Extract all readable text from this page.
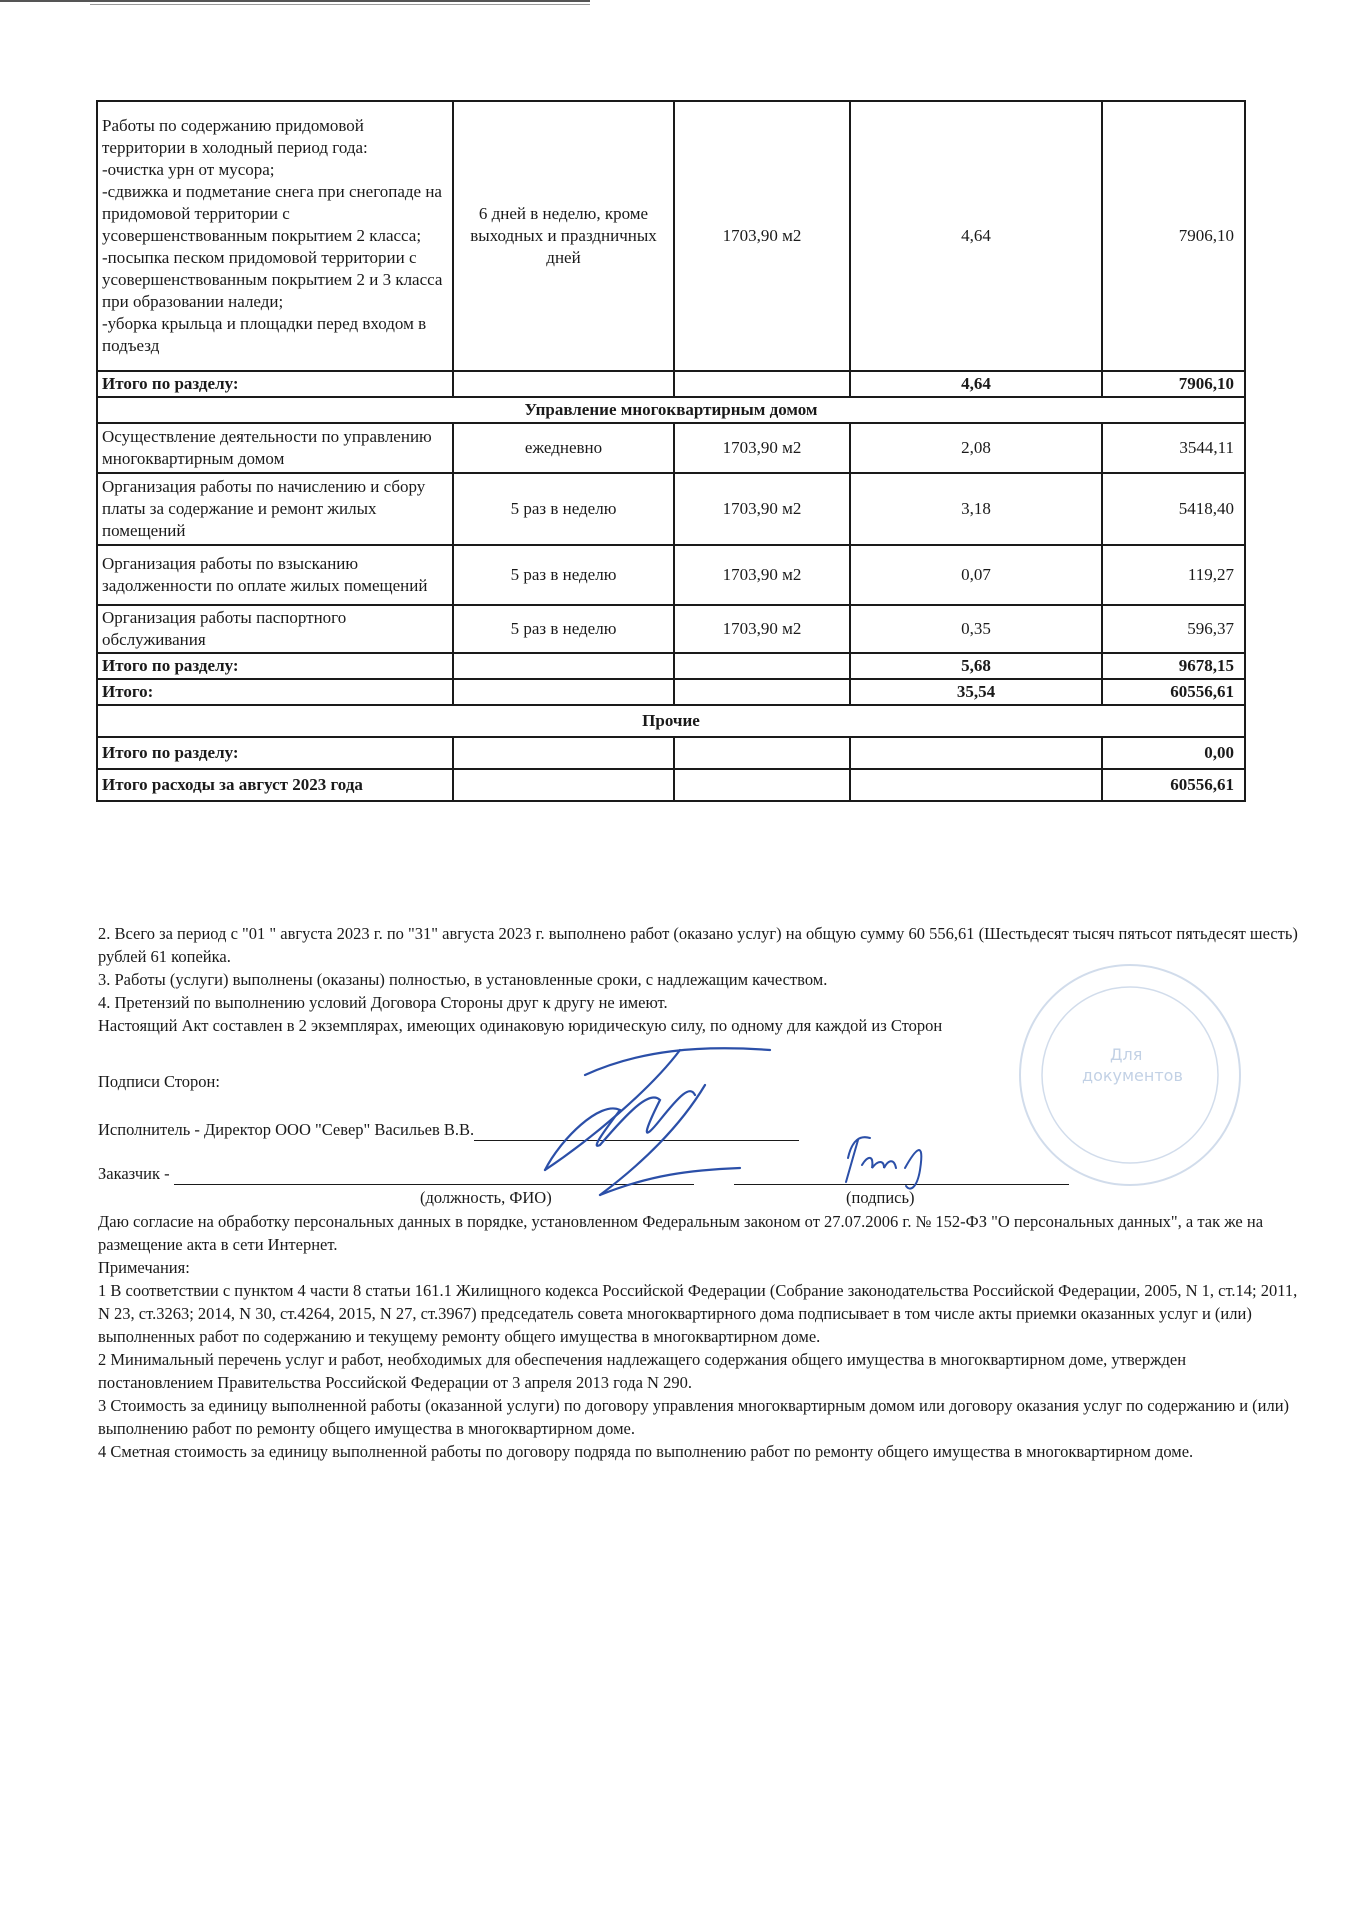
Работы по содержанию придомовой территории в холодный период года:
-очистка урн от мусора;
-сдвижка и подметание снега при снегопаде на придомовой территории с усовершенствованным покрытием 2 класса;
-посыпка песком придомовой территории с усовершенствованным покрытием 2 и 3 класса при образовании наледи;
-уборка крыльца и площадки перед входом в подъезд	6 дней в неделю, кроме выходных и праздничных дней	1703,90 м2	4,64	7906,10
Итого по разделу:			4,64	7906,10
Управление многоквартирным домом				
Осуществление деятельности по управлению многоквартирным домом	ежедневно	1703,90 м2	2,08	3544,11
Организация работы по начислению и сбору платы за содержание и ремонт жилых помещений	5 раз в неделю	1703,90 м2	3,18	5418,40
Организация работы по взысканию задолженности по оплате жилых помещений	5 раз в неделю	1703,90 м2	0,07	119,27
Организация работы паспортного обслуживания	5 раз в неделю	1703,90 м2	0,35	596,37
Итого по разделу:			5,68	9678,15
Итого:			35,54	60556,61
Прочие				
Итого по разделу:				0,00
Итого расходы за август 2023 года				60556,61

2. Всего за период с "01 " августа 2023 г. по "31" августа 2023 г. выполнено работ (оказано услуг) на общую сумму 60 556,61 (Шестьдесят тысяч пятьсот пятьдесят шесть) рублей 61 копейка.

3. Работы (услуги) выполнены (оказаны) полностью, в установленные сроки, с надлежащим качеством.

4. Претензий по выполнению условий Договора Стороны друг к другу не имеют.

Настоящий Акт составлен в 2 экземплярах, имеющих одинаковую юридическую силу, по одному для каждой из Сторон

Подписи Сторон:
Исполнитель - Директор ООО "Север" Васильев В.В.
Заказчик -
(должность, ФИО)	(подпись)

Даю согласие на обработку персональных данных в порядке, установленном Федеральным законом от 27.07.2006 г. № 152-ФЗ "О персональных данных", а так же на размещение акта в сети Интернет.

Примечания:

1 В соответствии с пунктом 4 части 8 статьи 161.1 Жилищного кодекса Российской Федерации (Собрание законодательства Российской Федерации, 2005, N 1, ст.14; 2011, N 23, ст.3263; 2014, N 30, ст.4264, 2015, N 27, ст.3967) председатель совета многоквартирного дома подписывает в том числе акты приемки оказанных услуг и (или) выполненных работ по содержанию и текущему ремонту общего имущества в многоквартирном доме.

2 Минимальный перечень услуг и работ, необходимых для обеспечения надлежащего содержания общего имущества в многоквартирном доме, утвержден постановлением Правительства Российской Федерации от 3 апреля 2013 года N 290.

3 Стоимость за единицу выполненной работы (оказанной услуги) по договору управления многоквартирным домом или договору оказания услуг по содержанию и (или) выполнению работ по ремонту общего имущества в многоквартирном доме.

4 Сметная стоимость за единицу выполненной работы по договору подряда по выполнению работ по ремонту общего имущества в многоквартирном доме.

Для
документов
